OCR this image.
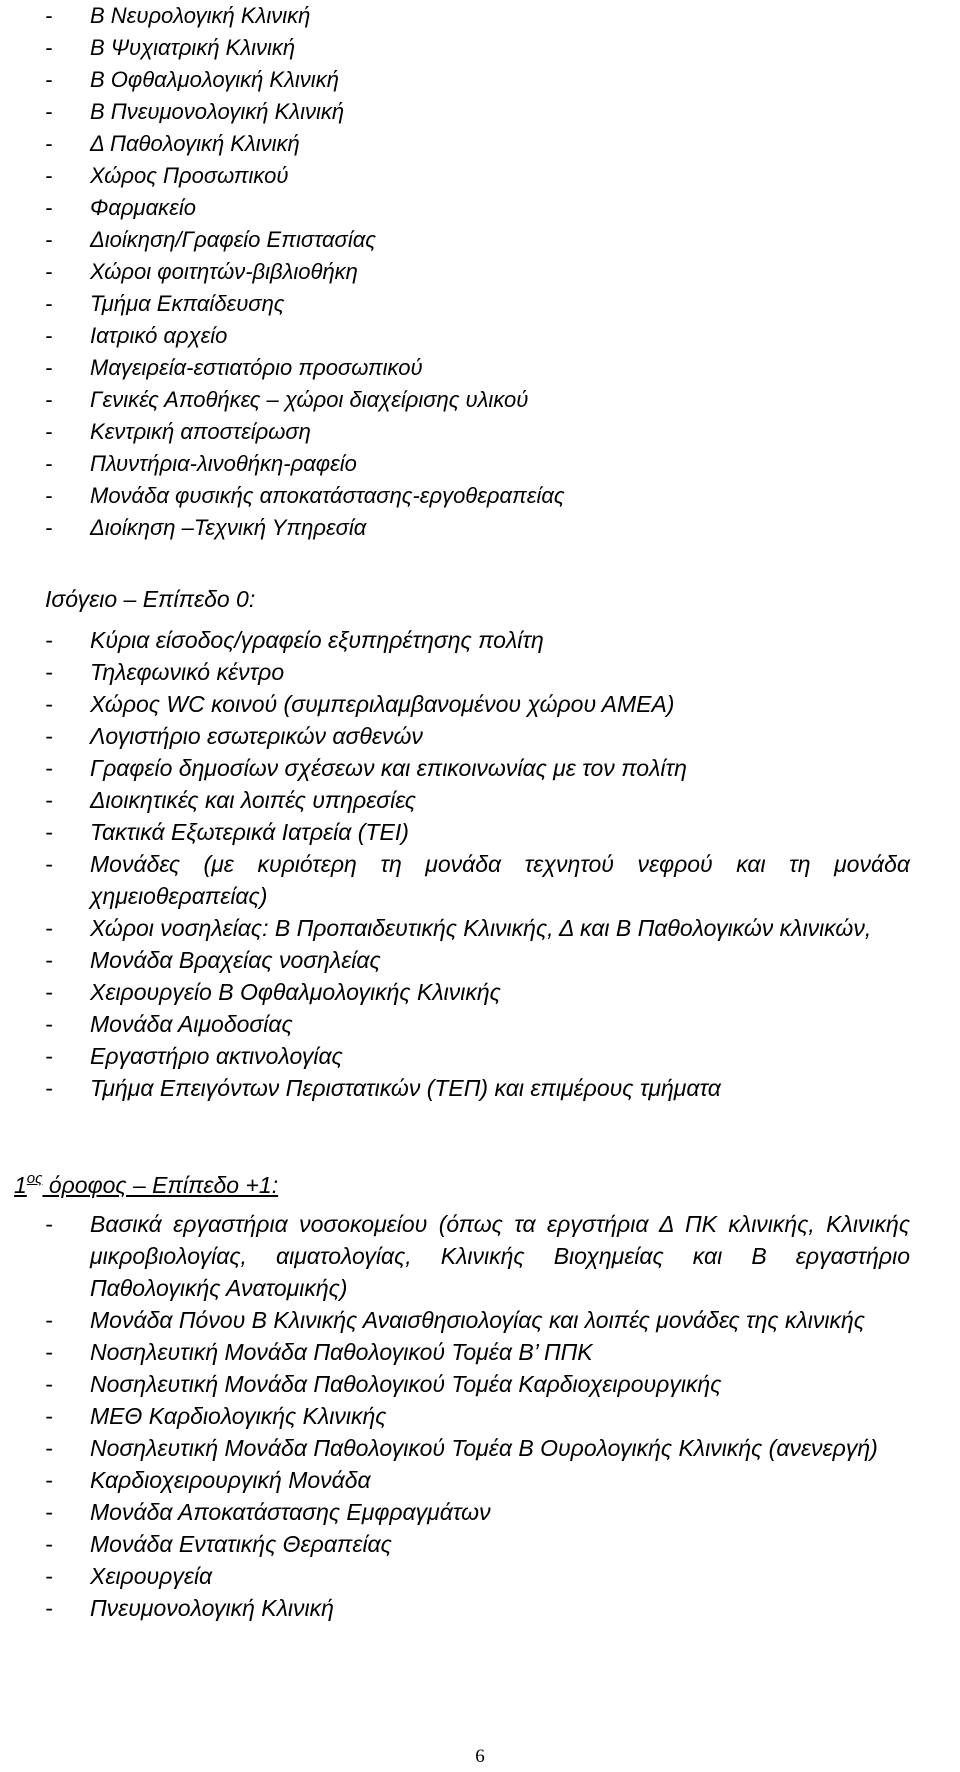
- Β Νευρολογική Κλινική
- Β Ψυχιατρική Κλινική
- Β Οφθαλμολογική Κλινική
- Β Πνευμονολογική Κλινική
- Δ Παθολογική Κλινική
- Χώρος Προσωπικού
- Φαρμακείο
- Διοίκηση/Γραφείο Επιστασίας
- Χώροι φοιτητών-βιβλιοθήκη
- Τμήμα Εκπαίδευσης
- Ιατρικό αρχείο
- Μαγειρεία-εστιατόριο προσωπικού
- Γενικές Αποθήκες – χώροι διαχείρισης υλικού
- Κεντρική αποστείρωση
- Πλυντήρια-λινοθήκη-ραφείο
- Μονάδα φυσικής αποκατάστασης-εργοθεραπείας
- Διοίκηση –Τεχνική Υπηρεσία
Ισόγειο – Επίπεδο 0:
- Κύρια είσοδος/γραφείο εξυπηρέτησης πολίτη
- Τηλεφωνικό κέντρο
- Χώρος WC κοινού (συμπεριλαμβανομένου χώρου ΑΜΕΑ)
- Λογιστήριο εσωτερικών ασθενών
- Γραφείο δημοσίων σχέσεων και επικοινωνίας με τον πολίτη
- Διοικητικές και λοιπές υπηρεσίες
- Τακτικά Εξωτερικά Ιατρεία (ΤΕΙ)
- Μονάδες (με κυριότερη τη μονάδα τεχνητού νεφρού και τη μονάδα χημειοθεραπείας)
- Χώροι νοσηλείας: Β Προπαιδευτικής Κλινικής, Δ και Β Παθολογικών κλινικών,
- Μονάδα Βραχείας νοσηλείας
- Χειρουργείο Β Οφθαλμολογικής Κλινικής
- Μονάδα Αιμοδοσίας
- Εργαστήριο ακτινολογίας
- Τμήμα Επειγόντων Περιστατικών (ΤΕΠ) και επιμέρους τμήματα
$1^{o\varsigma}$ όροφος – Επίπεδο +1:
- Βασικά εργαστήρια νοσοκομείου (όπως τα εργστήρια Δ ΠΚ κλινικής, Κλινικής μικροβιολογίας, αιματολογίας, Κλινικής Βιοχημείας και Β εργαστήριο Παθολογικής Ανατομικής)
- Μονάδα Πόνου Β Κλινικής Αναισθησιολογίας και λοιπές μονάδες της κλινικής
- Νοσηλευτική Μονάδα Παθολογικού Τομέα Β’ ΠΠΚ
- Νοσηλευτική Μονάδα Παθολογικού Τομέα Καρδιοχειρουργικής
- ΜΕΘ Καρδιολογικής Κλινικής
- Νοσηλευτική Μονάδα Παθολογικού Τομέα Β Ουρολογικής Κλινικής (ανενεργή)
- Καρδιοχειρουργική Μονάδα
- Μονάδα Αποκατάστασης Εμφραγμάτων
- Μονάδα Εντατικής Θεραπείας
- Χειρουργεία
- Πνευμονολογική Κλινική
6
